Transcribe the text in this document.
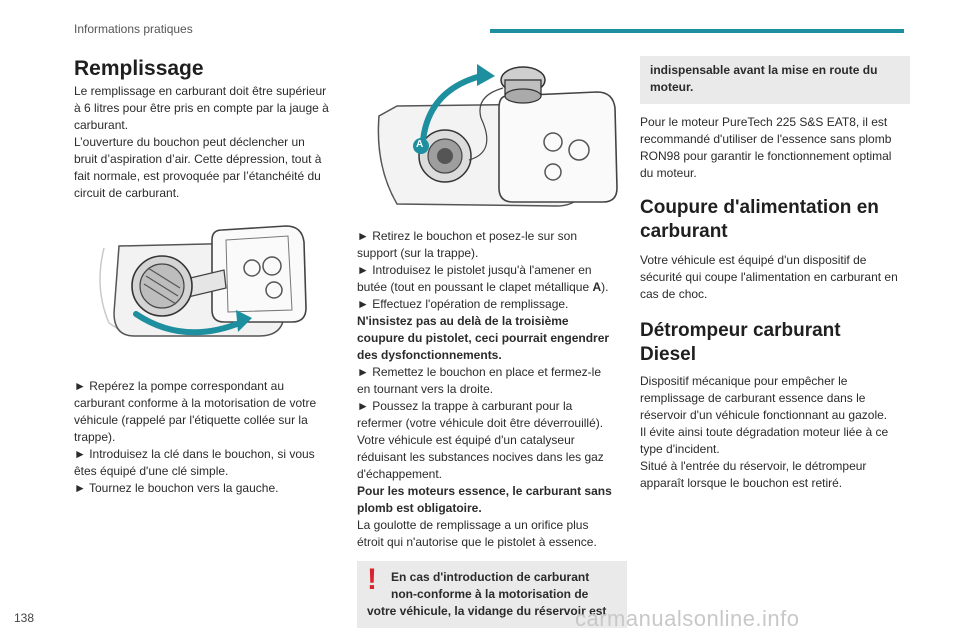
Informations pratiques
Remplissage

Le remplissage en carburant doit être supérieur

à 6 litres pour être pris en compte par la jauge à

carburant.

L’ouverture du bouchon peut déclencher un

bruit d’aspiration d’air. Cette dépression, tout à

fait normale, est provoquée par l’étanchéité du

circuit de carburant.

► Repérez la pompe correspondant au

carburant conforme à la motorisation de votre

véhicule (rappelé par l'étiquette collée sur la

trappe).

► Introduisez la clé dans le bouchon, si vous

êtes équipé d'une clé simple.

► Tournez le bouchon vers la gauche.

A

► Retirez le bouchon et posez-le sur son

support (sur la trappe).

► Introduisez le pistolet jusqu'à l'amener en

butée (tout en poussant le clapet métallique A).

► Effectuez l'opération de remplissage.

N'insistez pas au delà de la troisième

coupure du pistolet, ceci pourrait engendrer

des dysfonctionnements.

► Remettez le bouchon en place et fermez-le

en tournant vers la droite.

► Poussez la trappe à carburant pour la

refermer (votre véhicule doit être déverrouillé).

Votre véhicule est équipé d'un catalyseur

réduisant les substances nocives dans les gaz

d'échappement.

Pour les moteurs essence, le carburant sans

plomb est obligatoire.

La goulotte de remplissage a un orifice plus

étroit qui n'autorise que le pistolet à essence.

!	En cas d'introduction de carburant

non-conforme à la motorisation de

votre véhicule, la vidange du réservoir est

indispensable avant la mise en route du

moteur.

Pour le moteur PureTech 225 S&S EAT8, il est

recommandé d'utiliser de l'essence sans plomb

RON98 pour garantir le fonctionnement optimal

du moteur.

Coupure d'alimentation en
carburant

Votre véhicule est équipé d'un dispositif de

sécurité qui coupe l'alimentation en carburant en

cas de choc.

Détrompeur carburant
Diesel

Dispositif mécanique pour empêcher le

remplissage de carburant essence dans le

réservoir d'un véhicule fonctionnant au gazole.

Il évite ainsi toute dégradation moteur liée à ce

type d'incident.

Situé à l'entrée du réservoir, le détrompeur

apparaît lorsque le bouchon est retiré.

138	carmanualsonline.info
